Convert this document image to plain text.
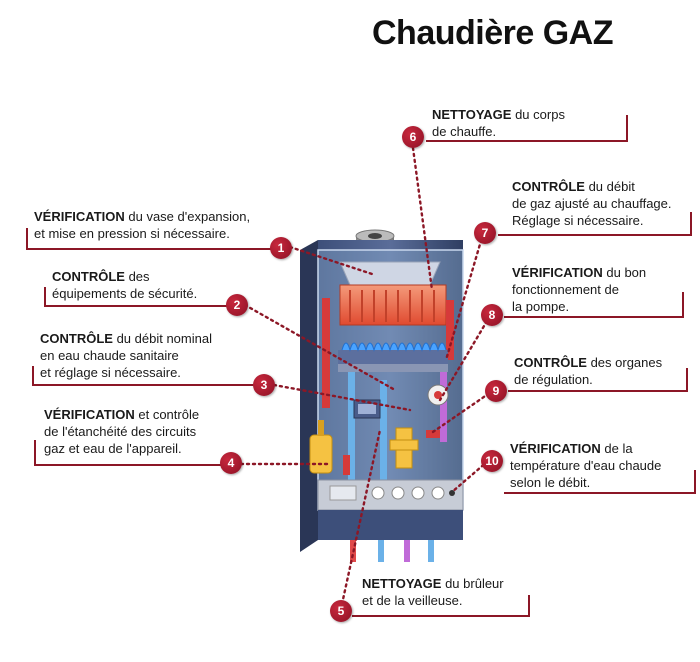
Chaudière GAZ
VÉRIFICATION du vase d'expansion,
et mise en pression si nécessaire.
1
CONTRÔLE des
équipements de sécurité.
2
CONTRÔLE du débit nominal
en eau chaude sanitaire
et réglage si nécessaire.
3
VÉRIFICATION et contrôle
de l'étanchéité des circuits
gaz et eau de l'appareil.
4
NETTOYAGE du brûleur
et de la veilleuse.
5
NETTOYAGE du corps
de chauffe.
6
CONTRÔLE du débit
de gaz ajusté au chauffage.
Réglage si nécessaire.
7
VÉRIFICATION du bon
fonctionnement de
la pompe.
8
CONTRÔLE des organes
de régulation.
9
VÉRIFICATION de la
température d'eau chaude
selon le débit.
10
